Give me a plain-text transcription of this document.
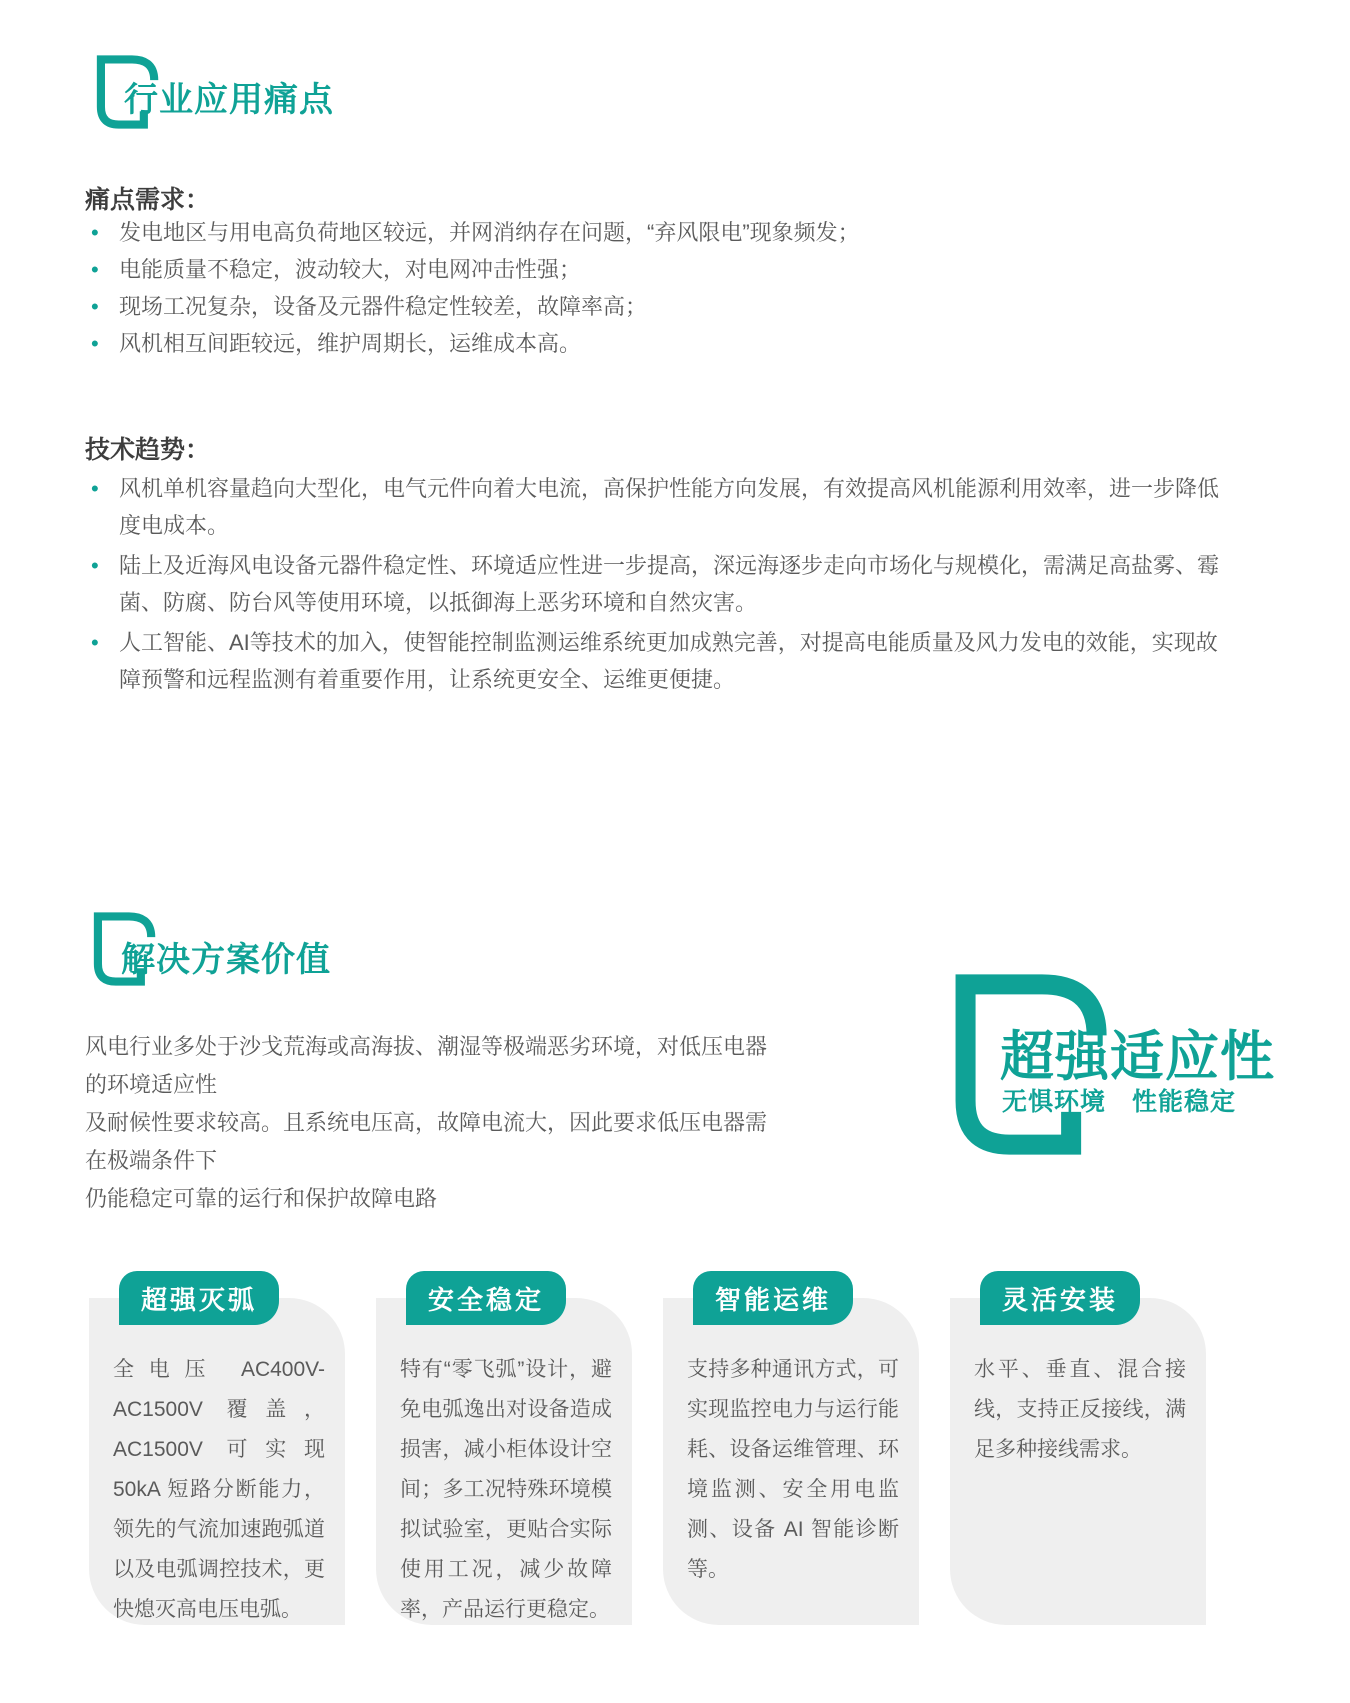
行业应用痛点
痛点需求：
• 发电地区与用电高负荷地区较远，并网消纳存在问题，“弃风限电”现象频发；
• 电能质量不稳定，波动较大，对电网冲击性强；
• 现场工况复杂，设备及元器件稳定性较差，故障率高；
• 风机相互间距较远，维护周期长，运维成本高。
技术趋势：
• 风机单机容量趋向大型化，电气元件向着大电流，高保护性能方向发展，有效提高风机能源利用效率，进一步降低度电成本。
• 陆上及近海风电设备元器件稳定性、环境适应性进一步提高，深远海逐步走向市场化与规模化，需满足高盐雾、霉菌、防腐、防台风等使用环境，以抵御海上恶劣环境和自然灾害。
• 人工智能、AI等技术的加入，使智能控制监测运维系统更加成熟完善，对提高电能质量及风力发电的效能，实现故障预警和远程监测有着重要作用，让系统更安全、运维更便捷。
解决方案价值
风电行业多处于沙戈荒海或高海拔、潮湿等极端恶劣环境，对低压电器的环境适应性
及耐候性要求较高。且系统电压高，故障电流大，因此要求低压电器需在极端条件下
仍能稳定可靠的运行和保护故障电路
超强适应性
无惧环境　性能稳定
超强灭弧	安全稳定	智能运维	灵活安装
全电压 AC400V-AC1500V 覆盖，AC1500V 可实现 50kA 短路分断能力，领先的气流加速跑弧道以及电弧调控技术，更快熄灭高电压电弧。
特有“零飞弧”设计，避免电弧逸出对设备造成损害，减小柜体设计空间；多工况特殊环境模拟试验室，更贴合实际使用工况，减少故障率，产品运行更稳定。
支持多种通讯方式，可实现监控电力与运行能耗、设备运维管理、环境监测、安全用电监测、设备 AI 智能诊断等。
水平、垂直、混合接线，支持正反接线，满足多种接线需求。
